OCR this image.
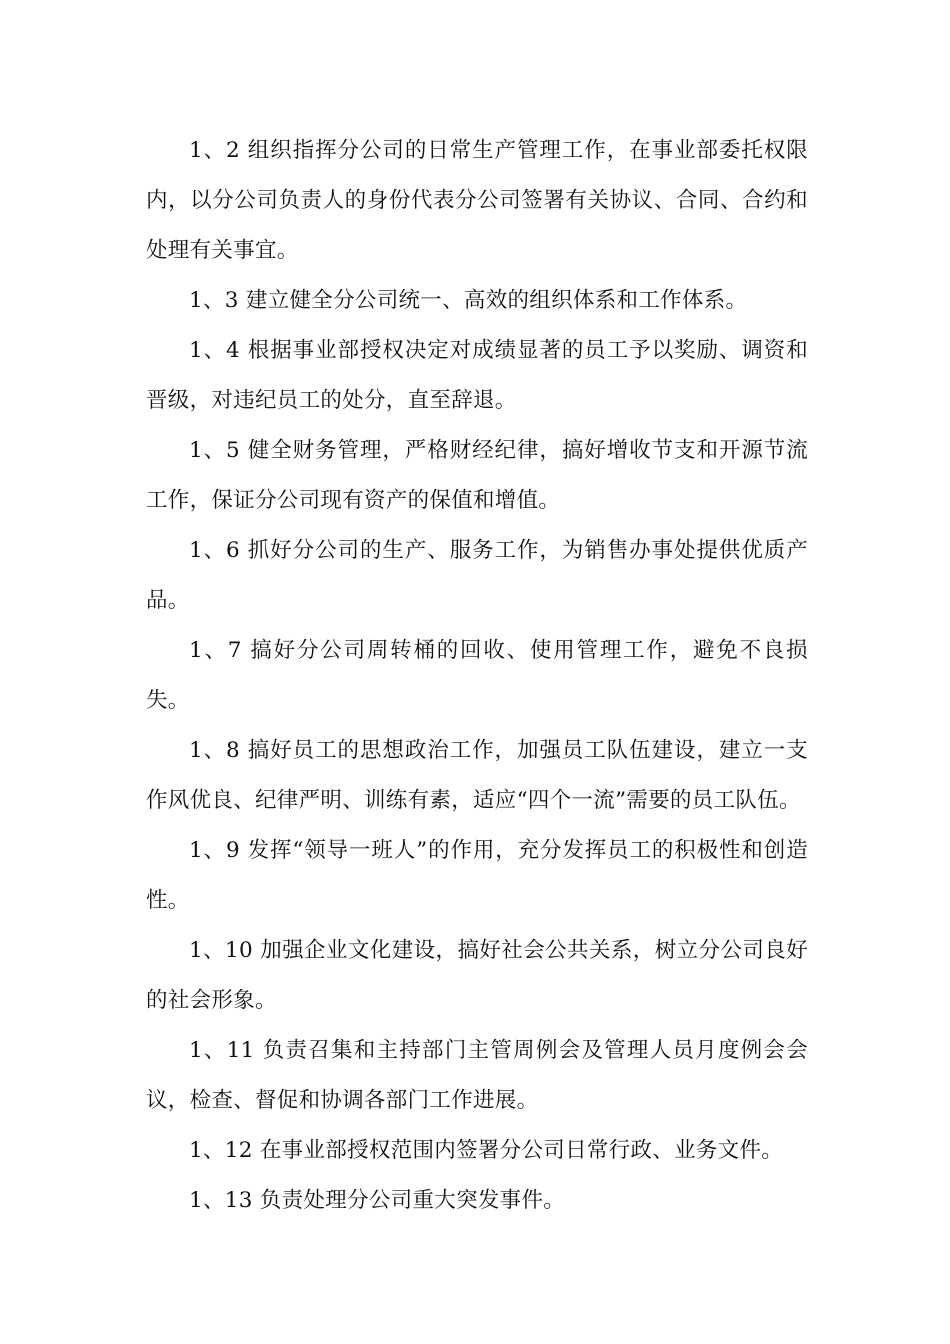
1、2 组织指挥分公司的日常生产管理工作，在事业部委托权限内，以分公司负责人的身份代表分公司签署有关协议、合同、合约和处理有关事宜。

1、3 建立健全分公司统一、高效的组织体系和工作体系。

1、4 根据事业部授权决定对成绩显著的员工予以奖励、调资和晋级，对违纪员工的处分，直至辞退。

1、5 健全财务管理，严格财经纪律，搞好增收节支和开源节流工作，保证分公司现有资产的保值和增值。

1、6 抓好分公司的生产、服务工作，为销售办事处提供优质产品。

1、7 搞好分公司周转桶的回收、使用管理工作，避免不良损失。

1、8 搞好员工的思想政治工作，加强员工队伍建设，建立一支作风优良、纪律严明、训练有素，适应“四个一流”需要的员工队伍。

1、9 发挥“领导一班人”的作用，充分发挥员工的积极性和创造性。

1、10 加强企业文化建设，搞好社会公共关系，树立分公司良好的社会形象。

1、11 负责召集和主持部门主管周例会及管理人员月度例会会议，检查、督促和协调各部门工作进展。

1、12 在事业部授权范围内签署分公司日常行政、业务文件。

1、13 负责处理分公司重大突发事件。
